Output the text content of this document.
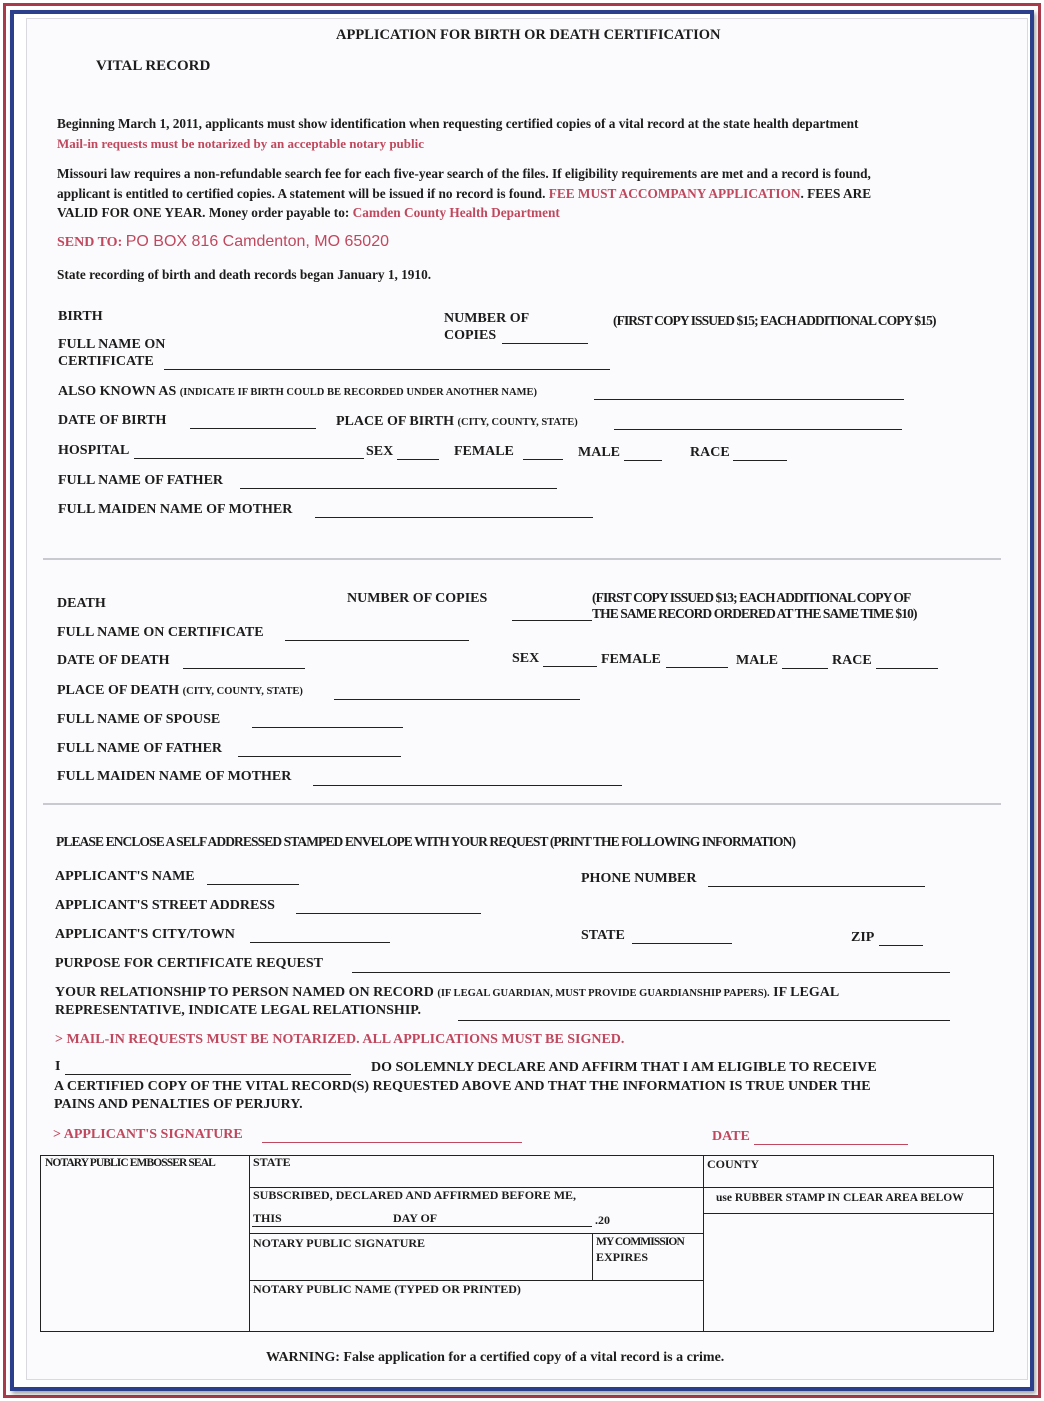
APPLICATION FOR BIRTH OR DEATH CERTIFICATION
VITAL RECORD
Beginning March 1, 2011, applicants must show identification when requesting certified copies of a vital record at the state health department
Mail-in requests must be notarized by an acceptable notary public
Missouri law requires a non-refundable search fee for each five-year search of the files. If eligibility requirements are met and a record is found,
applicant is entitled to certified copies. A statement will be issued if no record is found. FEE MUST ACCOMPANY APPLICATION. FEES ARE
VALID FOR ONE YEAR. Money order payable to: Camden County Health Department
SEND TO: PO BOX 816 Camdenton, MO 65020
State recording of birth and death records began January 1, 1910.
BIRTH	NUMBER OF
COPIES
(FIRST COPY ISSUED $15; EACH ADDITIONAL COPY $15)
FULL NAME ON
CERTIFICATE
ALSO KNOWN AS (INDICATE IF BIRTH COULD BE RECORDED UNDER ANOTHER NAME)
DATE OF BIRTH	PLACE OF BIRTH (CITY, COUNTY, STATE)
HOSPITAL	SEX	FEMALE	MALE	RACE
FULL NAME OF FATHER
FULL MAIDEN NAME OF MOTHER
DEATH	NUMBER OF COPIES	(FIRST COPY ISSUED $13; EACH ADDITIONAL COPY OF
THE SAME RECORD ORDERED AT THE SAME TIME $10)
FULL NAME ON CERTIFICATE
DATE OF DEATH	SEX	FEMALE	MALE	RACE
PLACE OF DEATH (CITY, COUNTY, STATE)
FULL NAME OF SPOUSE
FULL NAME OF FATHER
FULL MAIDEN NAME OF MOTHER
PLEASE ENCLOSE A SELF ADDRESSED STAMPED ENVELOPE WITH YOUR REQUEST (PRINT THE FOLLOWING INFORMATION)
APPLICANT'S NAME	PHONE NUMBER
APPLICANT'S STREET ADDRESS
APPLICANT'S CITY/TOWN	STATE	ZIP
PURPOSE FOR CERTIFICATE REQUEST
YOUR RELATIONSHIP TO PERSON NAMED ON RECORD (IF LEGAL GUARDIAN, MUST PROVIDE GUARDIANSHIP PAPERS). IF LEGAL
REPRESENTATIVE, INDICATE LEGAL RELATIONSHIP.
> MAIL-IN REQUESTS MUST BE NOTARIZED. ALL APPLICATIONS MUST BE SIGNED.
I	DO SOLEMNLY DECLARE AND AFFIRM THAT I AM ELIGIBLE TO RECEIVE
A CERTIFIED COPY OF THE VITAL RECORD(S) REQUESTED ABOVE AND THAT THE INFORMATION IS TRUE UNDER THE
PAINS AND PENALTIES OF PERJURY.
> APPLICANT'S SIGNATURE	DATE
NOTARY PUBLIC EMBOSSER SEAL	STATE	COUNTY
SUBSCRIBED, DECLARED AND AFFIRMED BEFORE ME,	use RUBBER STAMP IN CLEAR AREA BELOW
THIS	DAY OF	.20
NOTARY PUBLIC SIGNATURE	MY COMMISSION
EXPIRES
NOTARY PUBLIC NAME (TYPED OR PRINTED)
WARNING: False application for a certified copy of a vital record is a crime.
